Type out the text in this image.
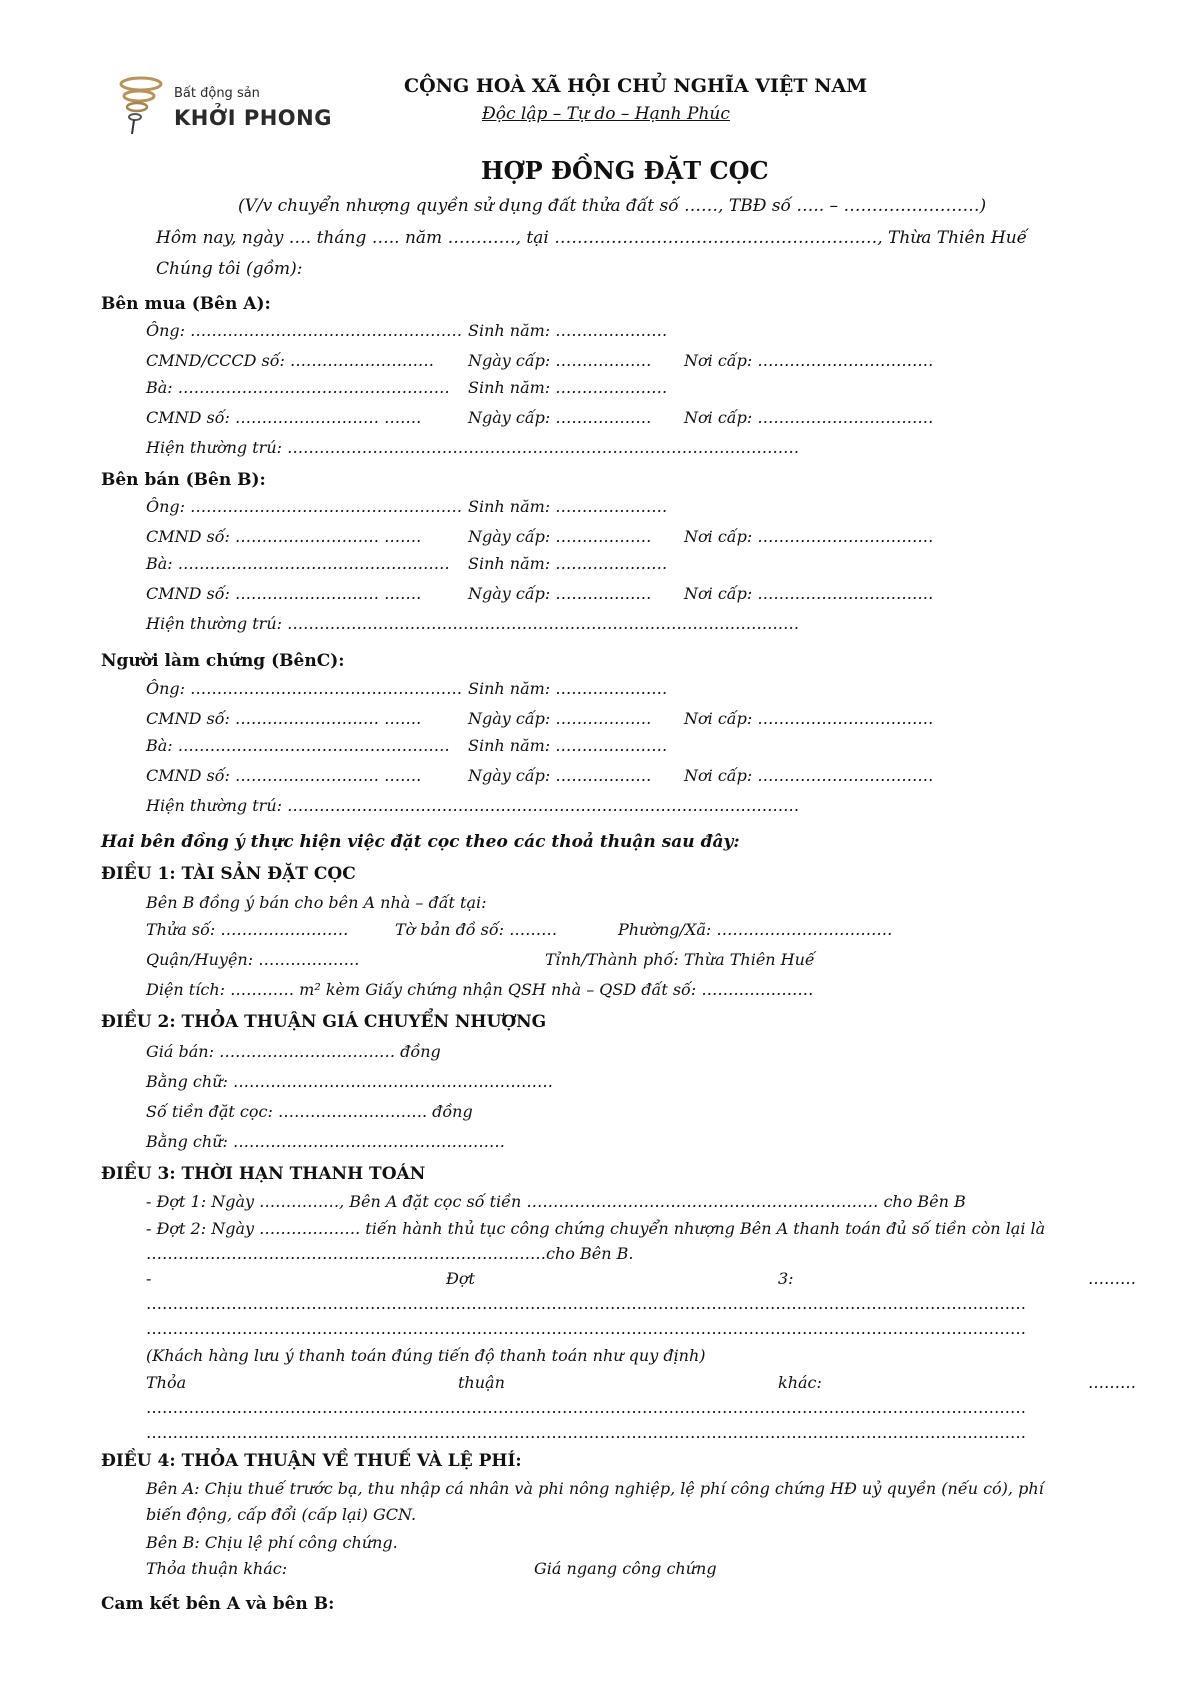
Bất động sản
KHỞI PHONG
CỘNG HOÀ XÃ HỘI CHỦ NGHĨA VIỆT NAM
Độc lập – Tự do – Hạnh Phúc
HỢP ĐỒNG ĐẶT CỌC
(V/v chuyển nhượng quyền sử dụng đất thửa đất số ……, TBĐ số ….. – ……………………)
Hôm nay, ngày …. tháng ….. năm …………, tại …………………………………………………, Thừa Thiên Huế
Chúng tôi (gồm):
Bên mua (Bên A):
Ông: …………………………………………… Sinh năm: …………………
CMND/CCCD số: ……………………… Ngày cấp: ……………… Nơi cấp: ……………………………
Bà: …………………………………………… Sinh năm: …………………
CMND số: ……………………… …….	Ngày cấp: ……………… Nơi cấp: ……………………………
Hiện thường trú: ……………………………………………………………………………………
Bên bán (Bên B):
Ông: …………………………………………… Sinh năm: …………………
CMND số: ……………………… …….	Ngày cấp: ……………… Nơi cấp: ……………………………
Bà: …………………………………………… Sinh năm: …………………
CMND số: ……………………… …….	Ngày cấp: ……………… Nơi cấp: ……………………………
Hiện thường trú: ……………………………………………………………………………………
Người làm chứng (BênC):
Ông: …………………………………………… Sinh năm: …………………
CMND số: ……………………… …….	Ngày cấp: ……………… Nơi cấp: ……………………………
Bà: …………………………………………… Sinh năm: …………………
CMND số: ……………………… …….	Ngày cấp: ……………… Nơi cấp: ……………………………
Hiện thường trú: ……………………………………………………………………………………
Hai bên đồng ý thực hiện việc đặt cọc theo các thoả thuận sau đây:
ĐIỀU 1: TÀI SẢN ĐẶT CỌC
Bên B đồng ý bán cho bên A nhà – đất tại:
Thửa số: ……………………	Tờ bản đồ số: ………	Phường/Xã: ……………………………
Quận/Huyện: ……………….	Tỉnh/Thành phố: Thừa Thiên Huế
Diện tích: ………… m² kèm Giấy chứng nhận QSH nhà – QSD đất số: …………………
ĐIỀU 2: THỎA THUẬN GIÁ CHUYỂN NHƯỢNG
Giá bán: …………………………… đồng
Bằng chữ: ……………………………………………………
Số tiền đặt cọc: ………………………. đồng
Bằng chữ: ……………………………………………
ĐIỀU 3: THỜI HẠN THANH TOÁN
- Đợt 1: Ngày ……………, Bên A đặt cọc số tiền ………………………………………………………… cho Bên B
- Đợt 2: Ngày ………………. tiến hành thủ tục công chứng chuyển nhượng Bên A thanh toán đủ số tiền còn lại là
…………………………………………………………………cho Bên B.
-	Đợt	3:	………
…………………………………………………………………………………………………………………………………………………
…………………………………………………………………………………………………………………………………………………
(Khách hàng lưu ý thanh toán đúng tiến độ thanh toán như quy định)
Thỏa	thuận	khác:	………
…………………………………………………………………………………………………………………………………………………
…………………………………………………………………………………………………………………………………………………
ĐIỀU 4: THỎA THUẬN VỀ THUẾ VÀ LỆ PHÍ:
Bên A: Chịu thuế trước bạ, thu nhập cá nhân và phi nông nghiệp, lệ phí công chứng HĐ uỷ quyền (nếu có), phí
biến động, cấp đổi (cấp lại) GCN.
Bên B: Chịu lệ phí công chứng.
Thỏa thuận khác:	Giá ngang công chứng
Cam kết bên A và bên B:
